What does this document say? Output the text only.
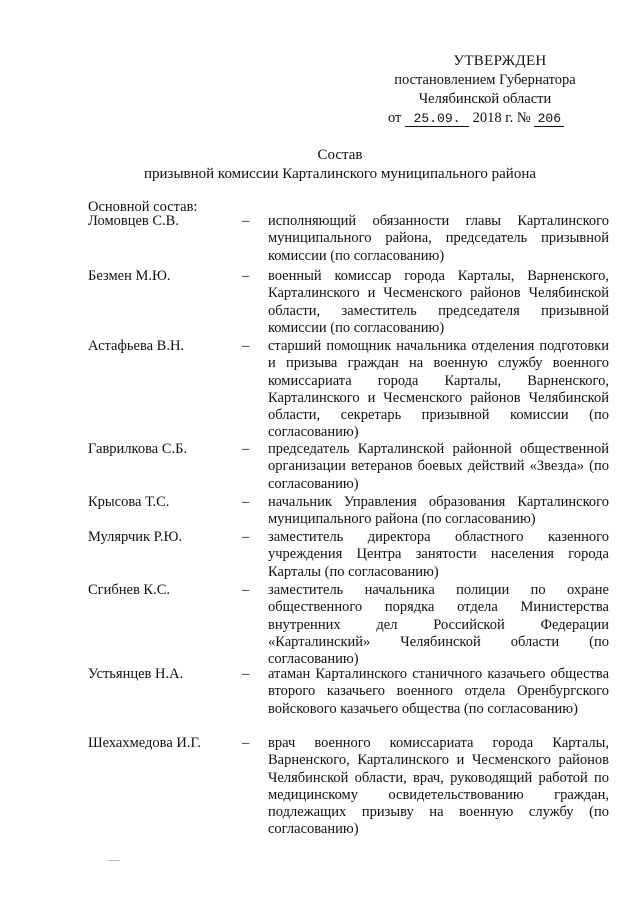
УТВЕРЖДЕН
постановлением Губернатора
Челябинской области
от 25.09. 2018 г. № 206
Состав
призывной комиссии Карталинского муниципального района
Основной состав:
Ломовцев С.В.	– исполняющий обязанности главы Карталинского муниципального района, председатель призывной комиссии (по согласованию)
Безмен М.Ю.	– военный комиссар города Карталы, Варненского, Карталинского и Чесменского районов Челябинской области, заместитель председателя призывной комиссии (по согласованию)
Астафьева В.Н.	– старший помощник начальника отделения подготовки и призыва граждан на военную службу военного комиссариата города Карталы, Варненского, Карталинского и Чесменского районов Челябинской области, секретарь призывной комиссии (по согласованию)
Гаврилкова С.Б.	– председатель Карталинской районной общественной организации ветеранов боевых действий «Звезда» (по согласованию)
Крысова Т.С.	– начальник Управления образования Карталинского муниципального района (по согласованию)
Мулярчик Р.Ю.	– заместитель директора областного казенного учреждения Центра занятости населения города Карталы (по согласованию)
Сгибнев К.С.	– заместитель начальника полиции по охране общественного порядка отдела Министерства внутренних дел Российской Федерации «Карталинский» Челябинской области (по согласованию)
Устьянцев Н.А.	– атаман Карталинского станичного казачьего общества второго казачьего военного отдела Оренбургского войскового казачьего общества (по согласованию)
Шехахмедова И.Г.	– врач военного комиссариата города Карталы, Варненского, Карталинского и Чесменского районов Челябинской области, врач, руководящий работой по медицинскому освидетельствованию граждан, подлежащих призыву на военную службу (по согласованию)
